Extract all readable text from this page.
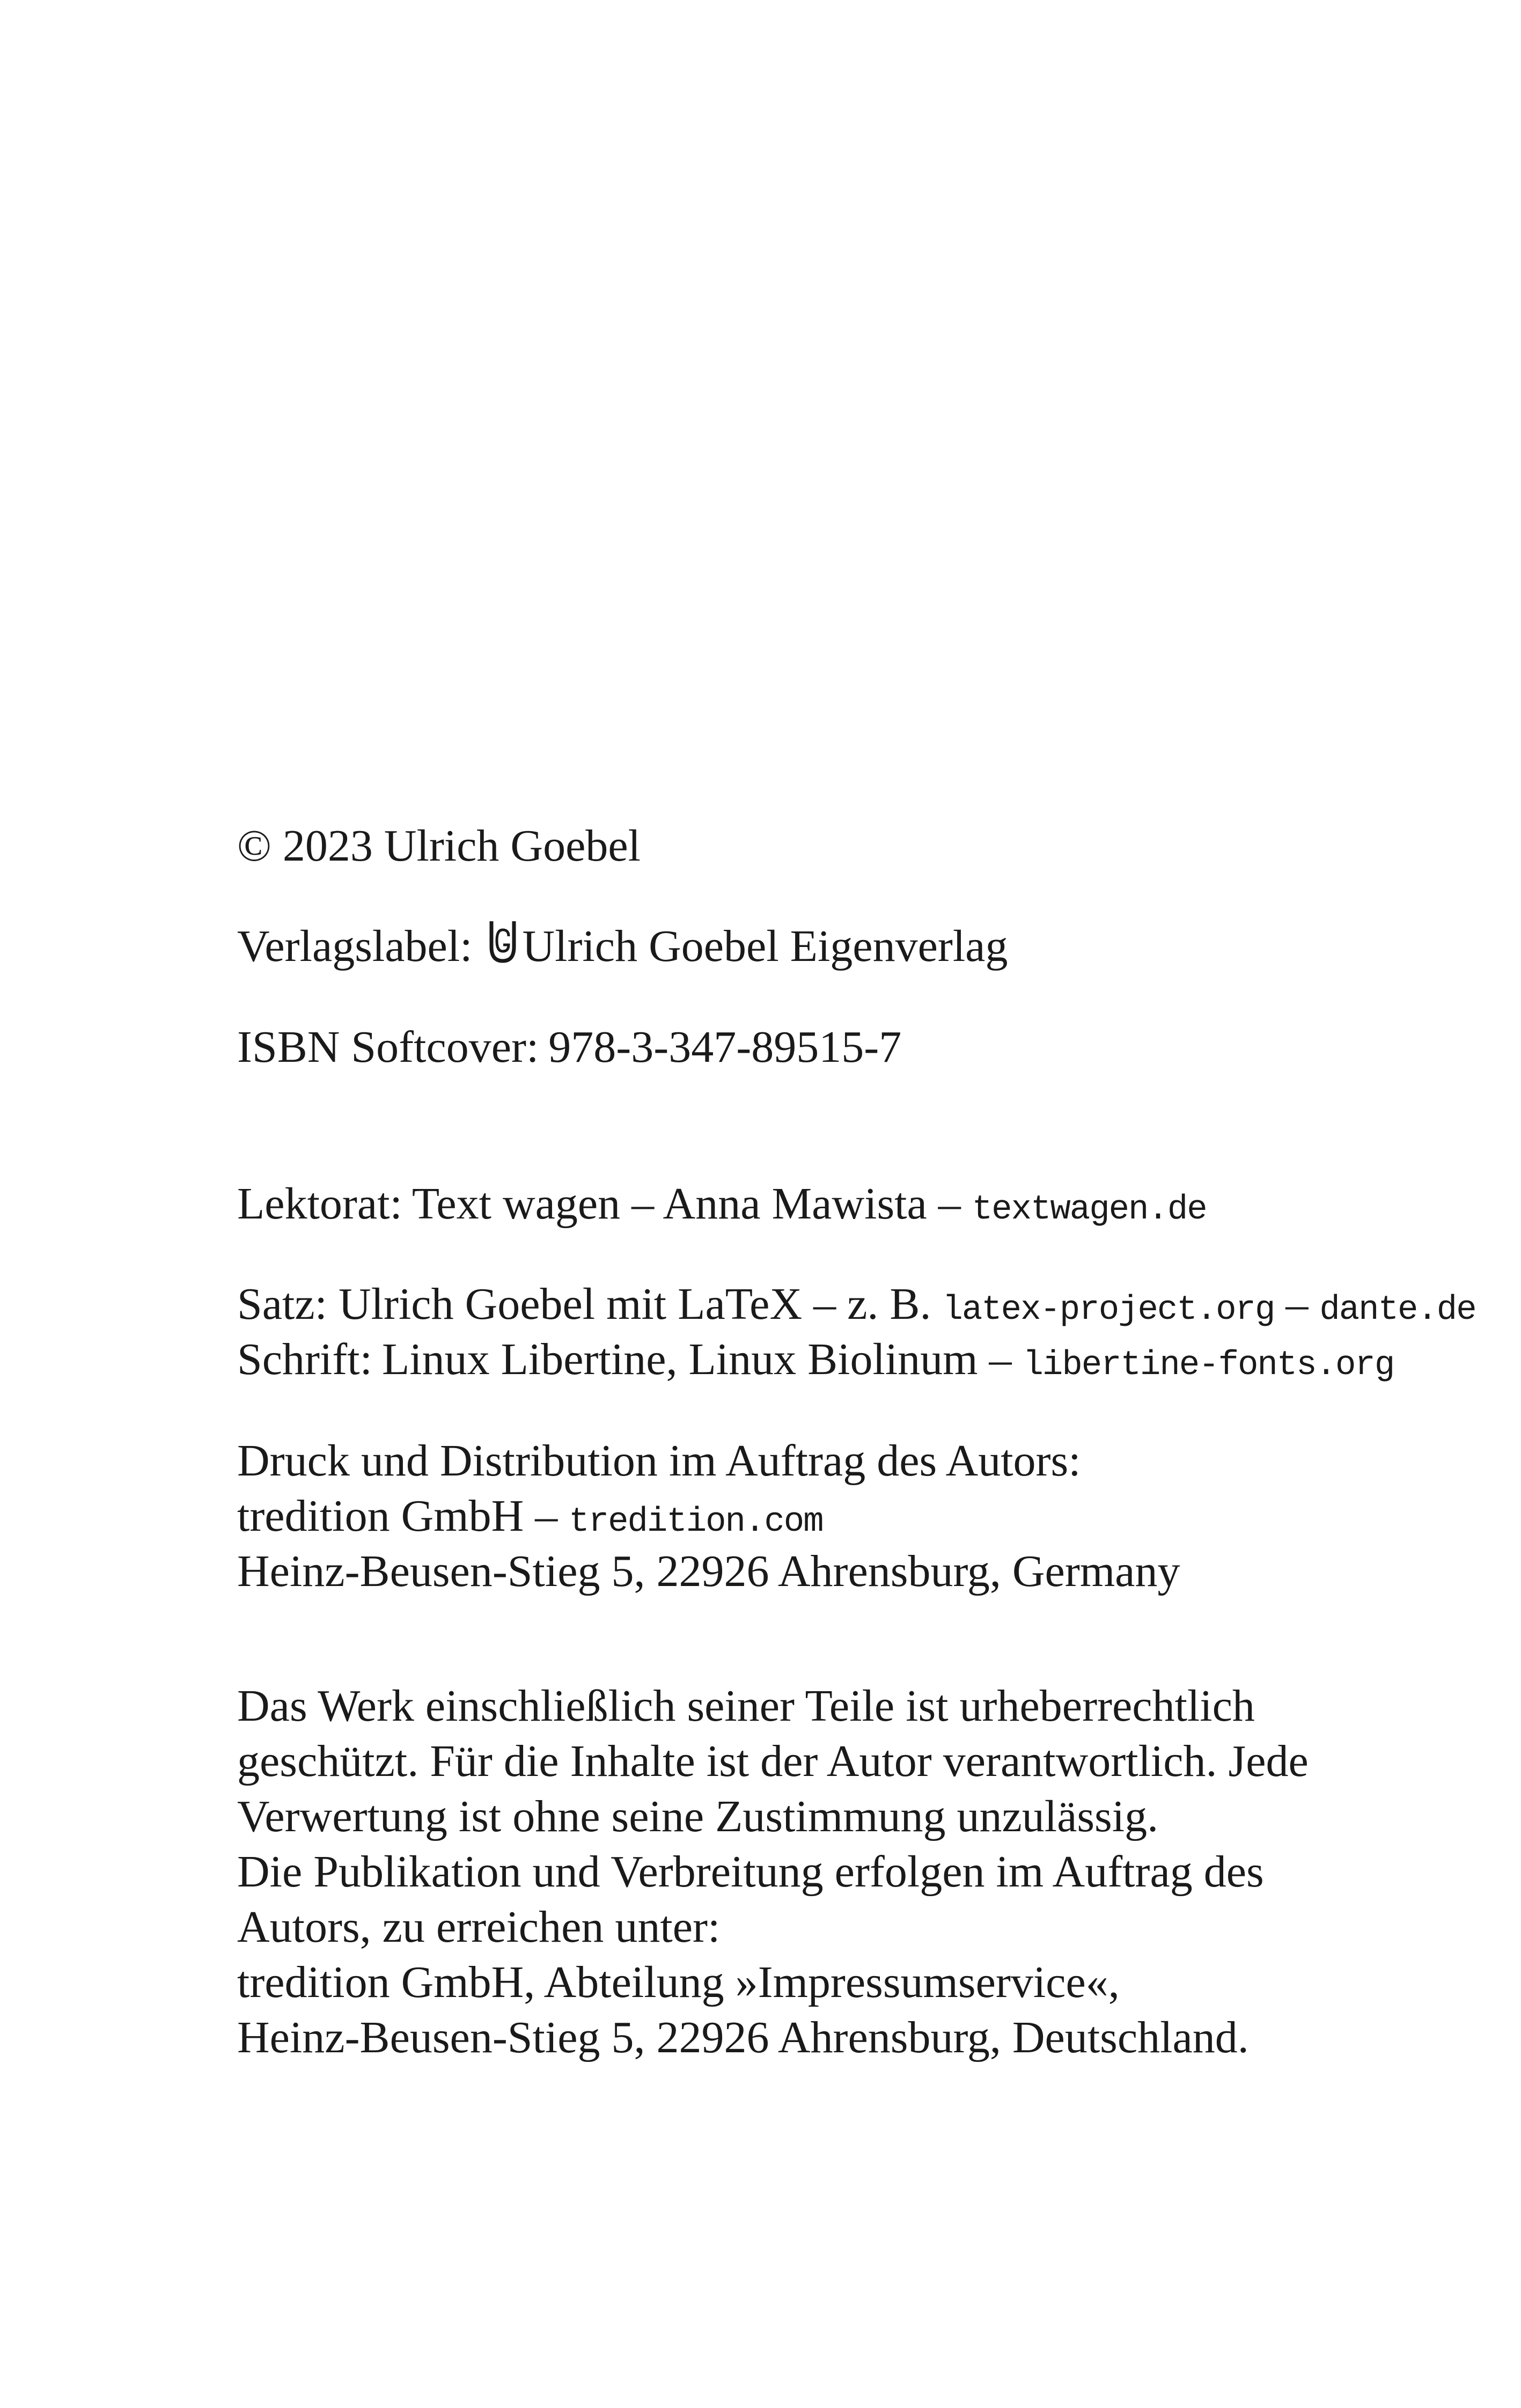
© 2023 Ulrich Goebel
Verlagslabel: Ulrich Goebel Eigenverlag
ISBN Softcover: 978-3-347-89515-7
Lektorat: Text wagen – Anna Mawista – textwagen.de
Satz: Ulrich Goebel mit LaTeX – z. B. latex-project.org – dante.de
Schrift: Linux Libertine, Linux Biolinum – libertine-fonts.org
Druck und Distribution im Auftrag des Autors:
tredition GmbH – tredition.com
Heinz-Beusen-Stieg 5, 22926 Ahrensburg, Germany
Das Werk einschließlich seiner Teile ist urheberrechtlich
geschützt. Für die Inhalte ist der Autor verantwortlich. Jede
Verwertung ist ohne seine Zustimmung unzulässig.
Die Publikation und Verbreitung erfolgen im Auftrag des
Autors, zu erreichen unter:
tredition GmbH, Abteilung »Impressumservice«,
Heinz-Beusen-Stieg 5, 22926 Ahrensburg, Deutschland.
